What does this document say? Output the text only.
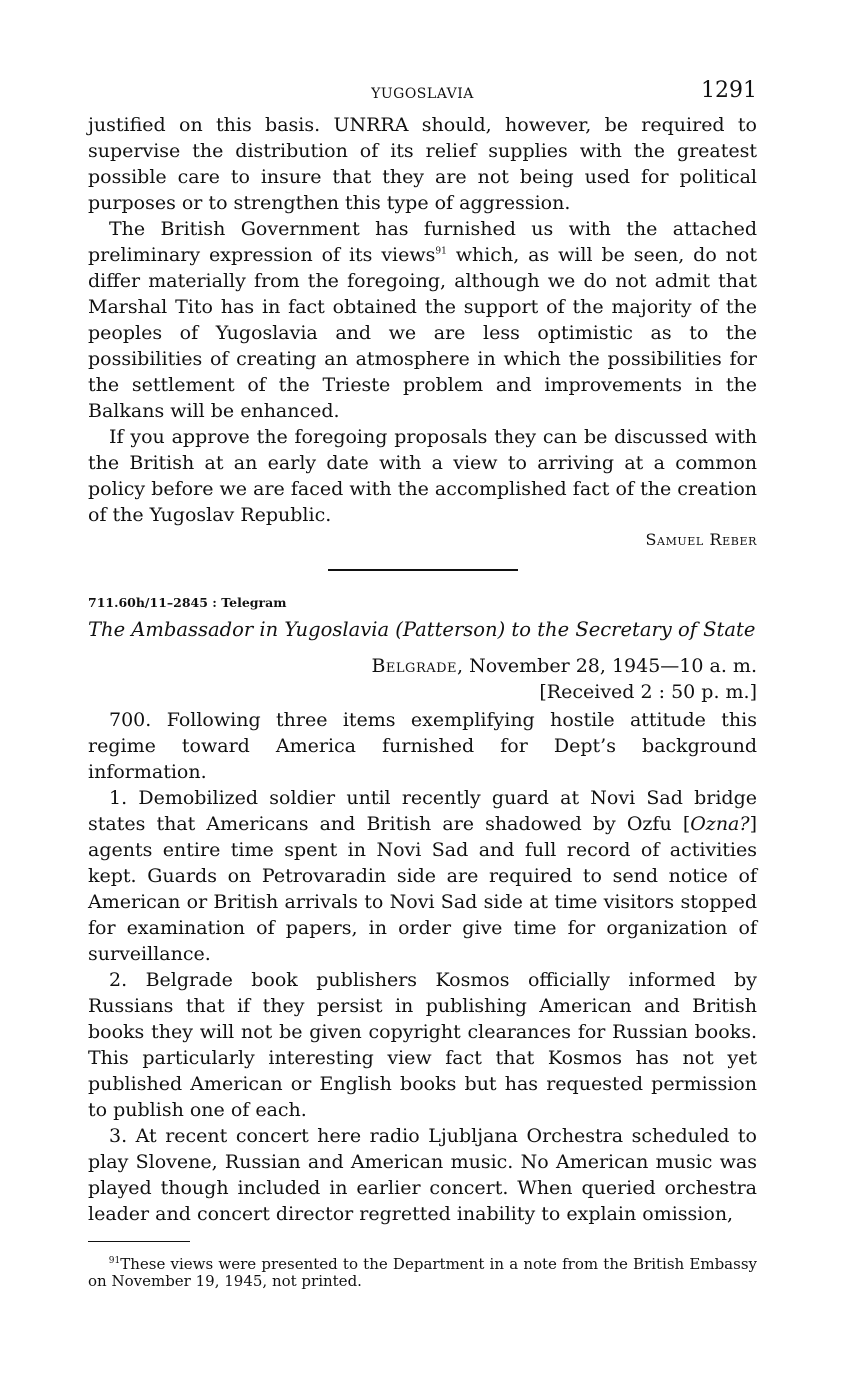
YUGOSLAVIA	1291

justified on this basis. UNRRA should, however, be required to supervise the distribution of its relief supplies with the greatest possible care to insure that they are not being used for political purposes or to strengthen this type of aggression.

The British Government has furnished us with the attached preliminary expression of its views$^{91}$ which, as will be seen, do not differ materially from the foregoing, although we do not admit that Marshal Tito has in fact obtained the support of the majority of the peoples of Yugoslavia and we are less optimistic as to the possibilities of creating an atmosphere in which the possibilities for the settlement of the Trieste problem and improvements in the Balkans will be enhanced.

If you approve the foregoing proposals they can be discussed with the British at an early date with a view to arriving at a common policy before we are faced with the accomplished fact of the creation of the Yugoslav Republic.

Samuel Reber
711.60h/11–2845 : Telegram
The Ambassador in Yugoslavia (Patterson) to the Secretary of State
Belgrade, November 28, 1945—10 a. m.
[Received 2 : 50 p. m.]

700. Following three items exemplifying hostile attitude this regime toward America furnished for Dept’s background information.

1. Demobilized soldier until recently guard at Novi Sad bridge states that Americans and British are shadowed by Ozfu [Ozna?] agents entire time spent in Novi Sad and full record of activities kept. Guards on Petrovaradin side are required to send notice of American or British arrivals to Novi Sad side at time visitors stopped for examination of papers, in order give time for organization of surveillance.

2. Belgrade book publishers Kosmos officially informed by Russians that if they persist in publishing American and British books they will not be given copyright clearances for Russian books. This particularly interesting view fact that Kosmos has not yet published American or English books but has requested permission to publish one of each.

3. At recent concert here radio Ljubljana Orchestra scheduled to play Slovene, Russian and American music. No American music was played though included in earlier concert. When queried orchestra leader and concert director regretted inability to explain omission,

$^{91}$These views were presented to the Department in a note from the British Embassy on November 19, 1945, not printed.
